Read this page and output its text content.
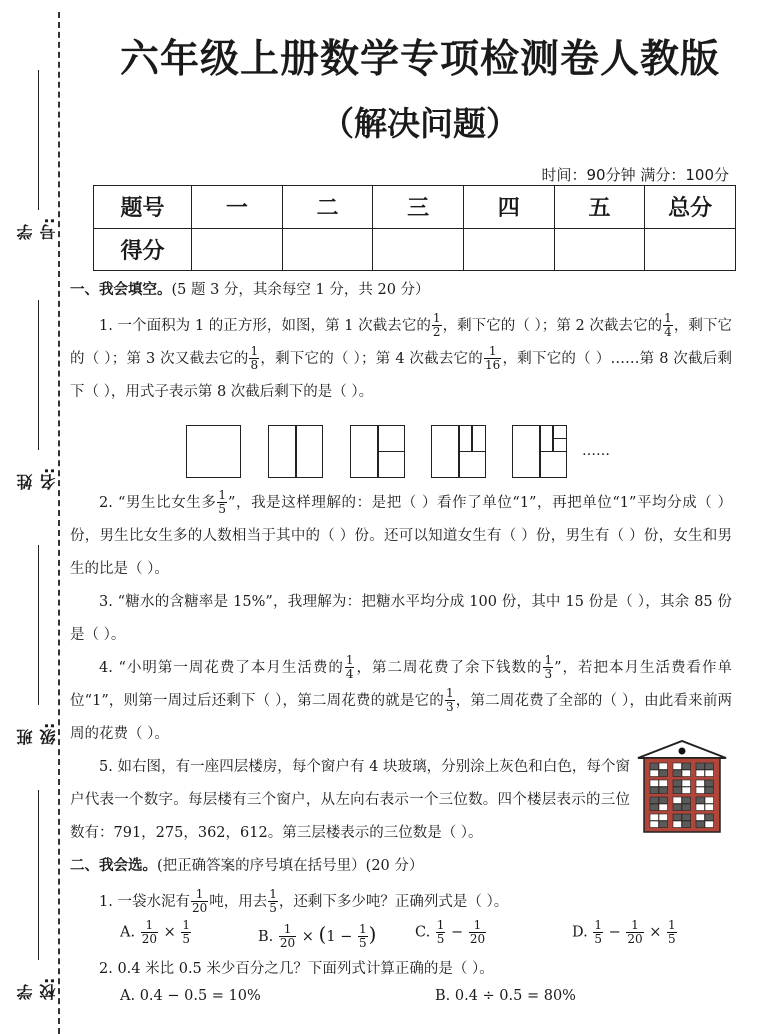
学号:
姓名:
班级:
学校:
六年级上册数学专项检测卷人教版
（解决问题）
时间：90分钟 满分：100分
题号	一	二	三	四	五	总分
得分						

一、我会填空。(5 题 3 分，其余每空 1 分，共 20 分）

1. 一个面积为 1 的正方形，如图，第 1 次截去它的 $\frac{1}{2}$ ，剩下它的（ ）；第 2 次截去它的 $\frac{1}{4}$ ，剩下它的（ ）；第 3 次又截去它的 $\frac{1}{8}$ ，剩下它的（ ）；第 4 次截去它的 $\frac{1}{16}$ ，剩下它的（ ）……第 8 次截后剩下（ ），用式子表示第 8 次截后剩下的是（ ）。

……

2. “男生比女生多 $\frac{1}{5}$ ”，我是这样理解的：是把（ ）看作了单位“1”，再把单位“1”平均分成（ ）份，男生比女生多的人数相当于其中的（ ）份。还可以知道女生有（ ）份，男生有（ ）份，女生和男生的比是（ ）。

3. “糖水的含糖率是 15%”，我理解为：把糖水平均分成 100 份，其中 15 份是（ ），其余 85 份是（ ）。

4. “小明第一周花费了本月生活费的 $\frac{1}{4}$ ，第二周花费了余下钱数的 $\frac{1}{3}$ ”，若把本月生活费看作单位“1”，则第一周过后还剩下（ ），第二周花费的就是它的 $\frac{1}{3}$ ，第二周花费了全部的（ ），由此看来前两周的花费（ ）。

5. 如右图，有一座四层楼房，每个窗户有 4 块玻璃，分别涂上灰色和白色，每个窗户代表一个数字。每层楼有三个窗户，从左向右表示一个三位数。四个楼层表示的三位数有：791，275，362，612。第三层楼表示的三位数是（ ）。

二、我会选。(把正确答案的序号填在括号里）(20 分）

1. 一袋水泥有 $\frac{1}{20}$ 吨，用去 $\frac{1}{5}$ ，还剩下多少吨？正确列式是（ ）。

A. $\frac{1}{20} \times \frac{1}{5}$	B. $\frac{1}{20} \times (1 - \frac{1}{5}$ )	C. $\frac{1}{5} - \frac{1}{20}$	D. $\frac{1}{5} - \frac{1}{20} \times \frac{1}{5}$

2. 0.4 米比 0.5 米少百分之几？下面列式计算正确的是（ ）。

A. 0.4 − 0.5 = 10%	B. 0.4 ÷ 0.5 = 80%
